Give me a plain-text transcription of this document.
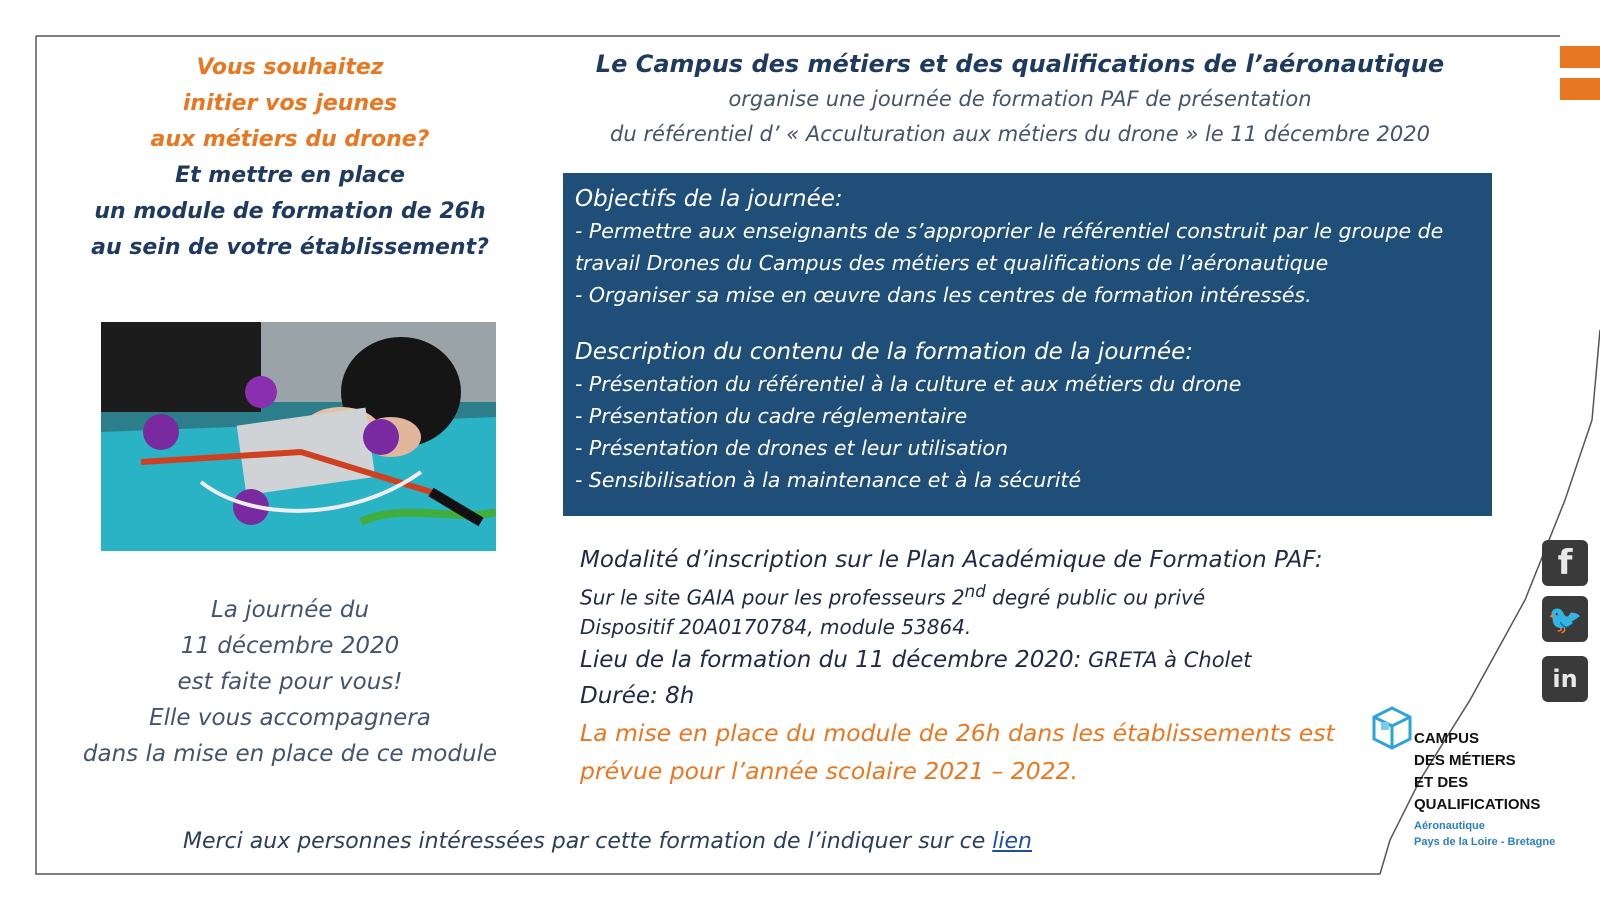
Vous souhaitez
initier vos jeunes
aux métiers du drone?
Et mettre en place
un module de formation de 26h
au sein de votre établissement?
La journée du
11 décembre 2020
est faite pour vous!
Elle vous accompagnera
dans la mise en place de ce module
Le Campus des métiers et des qualifications de l’aéronautique
organise une journée de formation PAF de présentation
du référentiel d’ « Acculturation aux métiers du drone » le 11 décembre 2020
Objectifs de la journée:
- Permettre aux enseignants de s’approprier le référentiel construit par le groupe de
travail Drones du Campus des métiers et qualifications de l’aéronautique
- Organiser sa mise en œuvre dans les centres de formation intéressés.
Description du contenu de la formation de la journée:
- Présentation du référentiel à la culture et aux métiers du drone
- Présentation du cadre réglementaire
- Présentation de drones et leur utilisation
- Sensibilisation à la maintenance et à la sécurité
Modalité d’inscription sur le Plan Académique de Formation PAF:
Sur le site GAIA pour les professeurs 2nd degré public ou privé
Dispositif 20A0170784, module 53864.
Lieu de la formation du 11 décembre 2020: GRETA à Cholet
Durée: 8h
La mise en place du module de 26h dans les établissements est
prévue pour l’année scolaire 2021 – 2022.
Merci aux personnes intéressées par cette formation de l’indiquer sur ce lien
f
🐦
in
CAMPUS
DES MÉTIERS
ET DES
QUALIFICATIONS
Aéronautique
Pays de la Loire - Bretagne
